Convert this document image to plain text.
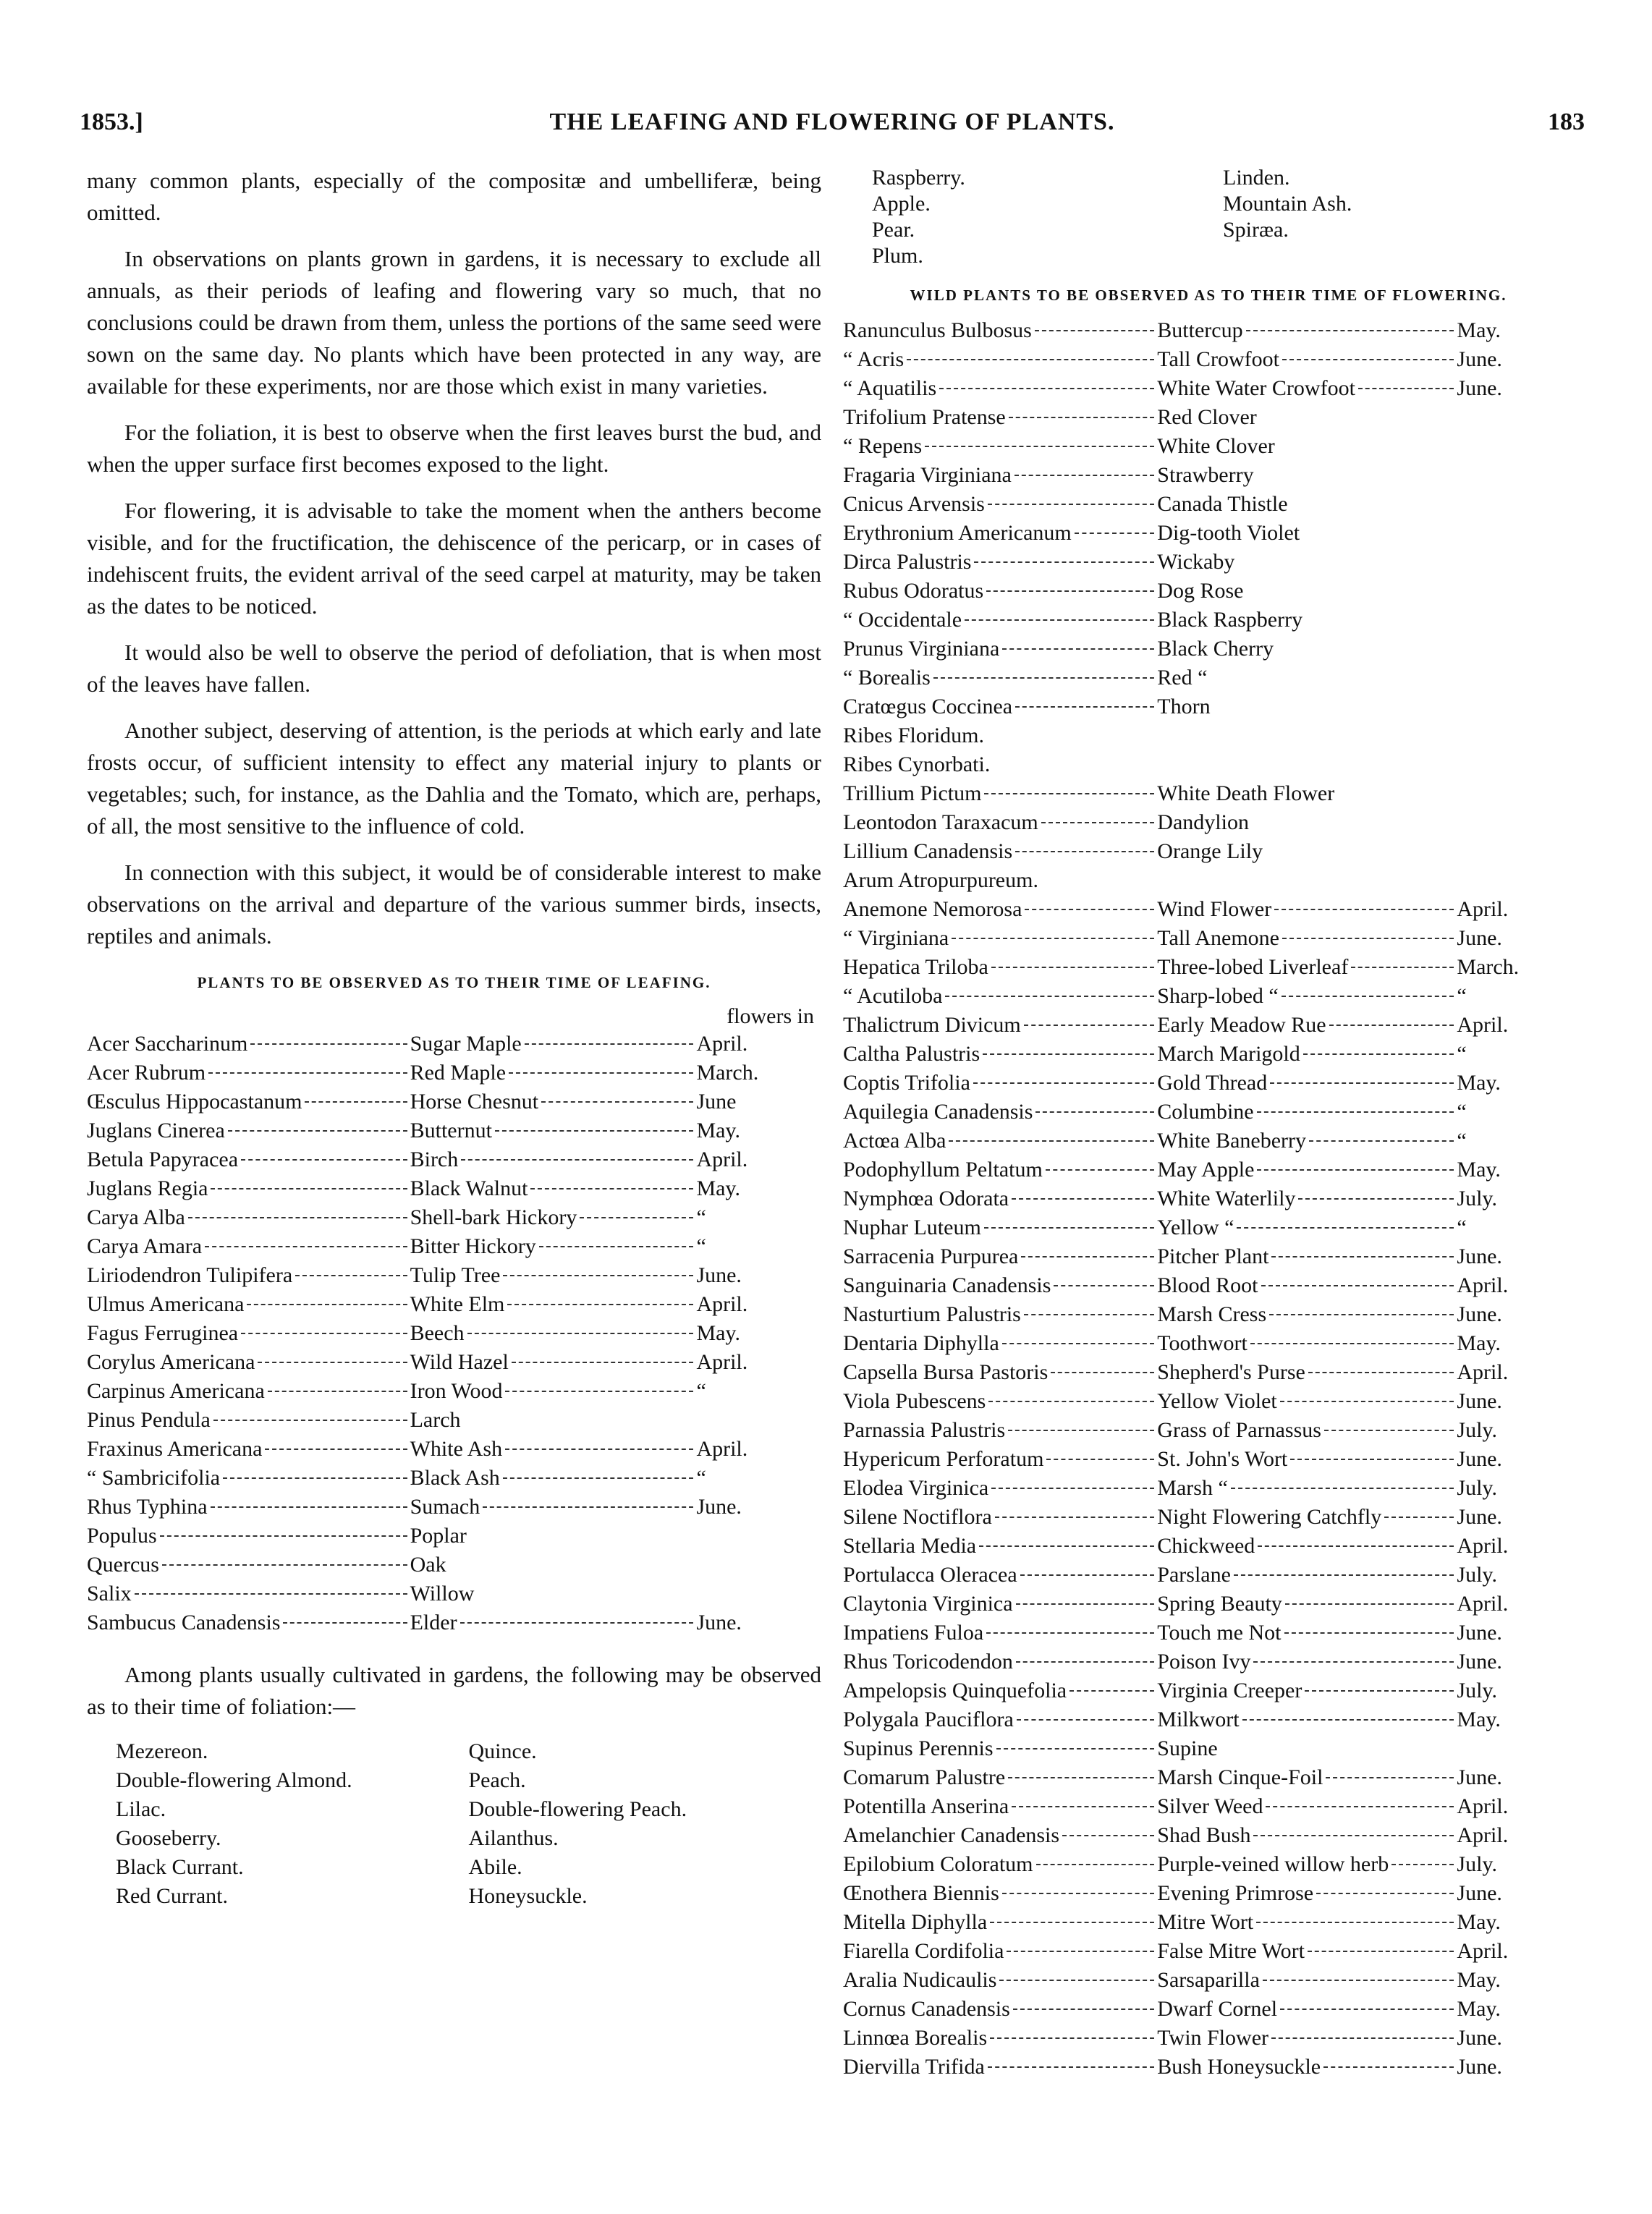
1853.]	THE LEAFING AND FLOWERING OF PLANTS.	183

many common plants, especially of the compositæ and umbelliferæ, being omitted.

In observations on plants grown in gardens, it is necessary to exclude all annuals, as their periods of leafing and flowering vary so much, that no conclusions could be drawn from them, unless the portions of the same seed were sown on the same day. No plants which have been protected in any way, are available for these experiments, nor are those which exist in many varieties.

For the foliation, it is best to observe when the first leaves burst the bud, and when the upper surface first becomes exposed to the light.

For flowering, it is advisable to take the moment when the anthers become visible, and for the fructification, the dehiscence of the pericarp, or in cases of indehiscent fruits, the evident arrival of the seed carpel at maturity, may be taken as the dates to be noticed.

It would also be well to observe the period of defoliation, that is when most of the leaves have fallen.

Another subject, deserving of attention, is the periods at which early and late frosts occur, of sufficient intensity to effect any material injury to plants or vegetables; such, for instance, as the Dahlia and the Tomato, which are, perhaps, of all, the most sensitive to the influence of cold.

In connection with this subject, it would be of considerable interest to make observations on the arrival and departure of the various summer birds, insects, reptiles and animals.

PLANTS TO BE OBSERVED AS TO THEIR TIME OF LEAFING.
flowers in
Acer Saccharinum	Sugar Maple	April.

Acer Rubrum	Red Maple	March.

Œsculus Hippocastanum	Horse Chesnut	June

Juglans Cinerea	Butternut	May.

Betula Papyracea	Birch	April.

Juglans Regia	Black Walnut	May.

Carya Alba	Shell-bark Hickory	“

Carya Amara	Bitter Hickory	“

Liriodendron Tulipifera	Tulip Tree	June.

Ulmus Americana	White Elm	April.

Fagus Ferruginea	Beech	May.

Corylus Americana	Wild Hazel	April.

Carpinus Americana	Iron Wood	“

Pinus Pendula	Larch	

Fraxinus Americana	White Ash	April.

“ Sambricifolia	Black Ash	“

Rhus Typhina	Sumach	June.

Populus	Poplar	

Quercus	Oak	

Salix	Willow	

Sambucus Canadensis	Elder	June.

Among plants usually cultivated in gardens, the following may be observed as to their time of foliation:—

Mezereon.
Double-flowering Almond.
Lilac.
Gooseberry.
Black Currant.
Red Currant.
Quince.
Peach.
Double-flowering Peach.
Ailanthus.
Abile.
Honeysuckle.
Raspberry.
Apple.
Pear.
Plum.
Linden.
Mountain Ash.
Spiræa.
WILD PLANTS TO BE OBSERVED AS TO THEIR TIME OF FLOWERING.
Ranunculus Bulbosus	Buttercup	May.

“ Acris	Tall Crowfoot	June.

“ Aquatilis	White Water Crowfoot	June.

Trifolium Pratense	Red Clover	

“ Repens	White Clover	

Fragaria Virginiana	Strawberry	

Cnicus Arvensis	Canada Thistle	

Erythronium Americanum	Dig-tooth Violet	

Dirca Palustris	Wickaby	

Rubus Odoratus	Dog Rose	

“ Occidentale	Black Raspberry	

Prunus Virginiana	Black Cherry	

“ Borealis	Red “	

Cratœgus Coccinea	Thorn	

Ribes Floridum.		

Ribes Cynorbati.		

Trillium Pictum	White Death Flower	

Leontodon Taraxacum	Dandylion	

Lillium Canadensis	Orange Lily	

Arum Atropurpureum.		

Anemone Nemorosa	Wind Flower	April.

“ Virginiana	Tall Anemone	June.

Hepatica Triloba	Three-lobed Liverleaf	March.

“ Acutiloba	Sharp-lobed “	“

Thalictrum Divicum	Early Meadow Rue	April.

Caltha Palustris	March Marigold	“

Coptis Trifolia	Gold Thread	May.

Aquilegia Canadensis	Columbine	“

Actœa Alba	White Baneberry	“

Podophyllum Peltatum	May Apple	May.

Nymphœa Odorata	White Waterlily	July.

Nuphar Luteum	Yellow “	“

Sarracenia Purpurea	Pitcher Plant	June.

Sanguinaria Canadensis	Blood Root	April.

Nasturtium Palustris	Marsh Cress	June.

Dentaria Diphylla	Toothwort	May.

Capsella Bursa Pastoris	Shepherd's Purse	April.

Viola Pubescens	Yellow Violet	June.

Parnassia Palustris	Grass of Parnassus	July.

Hypericum Perforatum	St. John's Wort	June.

Elodea Virginica	Marsh “	July.

Silene Noctiflora	Night Flowering Catchfly	June.

Stellaria Media	Chickweed	April.

Portulacca Oleracea	Parslane	July.

Claytonia Virginica	Spring Beauty	April.

Impatiens Fuloa	Touch me Not	June.

Rhus Toricodendon	Poison Ivy	June.

Ampelopsis Quinquefolia	Virginia Creeper	July.

Polygala Pauciflora	Milkwort	May.

Supinus Perennis	Supine	

Comarum Palustre	Marsh Cinque-Foil	June.

Potentilla Anserina	Silver Weed	April.

Amelanchier Canadensis	Shad Bush	April.

Epilobium Coloratum	Purple-veined willow herb	July.

Œnothera Biennis	Evening Primrose	June.

Mitella Diphylla	Mitre Wort	May.

Fiarella Cordifolia	False Mitre Wort	April.

Aralia Nudicaulis	Sarsaparilla	May.

Cornus Canadensis	Dwarf Cornel	May.

Linnœa Borealis	Twin Flower	June.

Diervilla Trifida	Bush Honeysuckle	June.
